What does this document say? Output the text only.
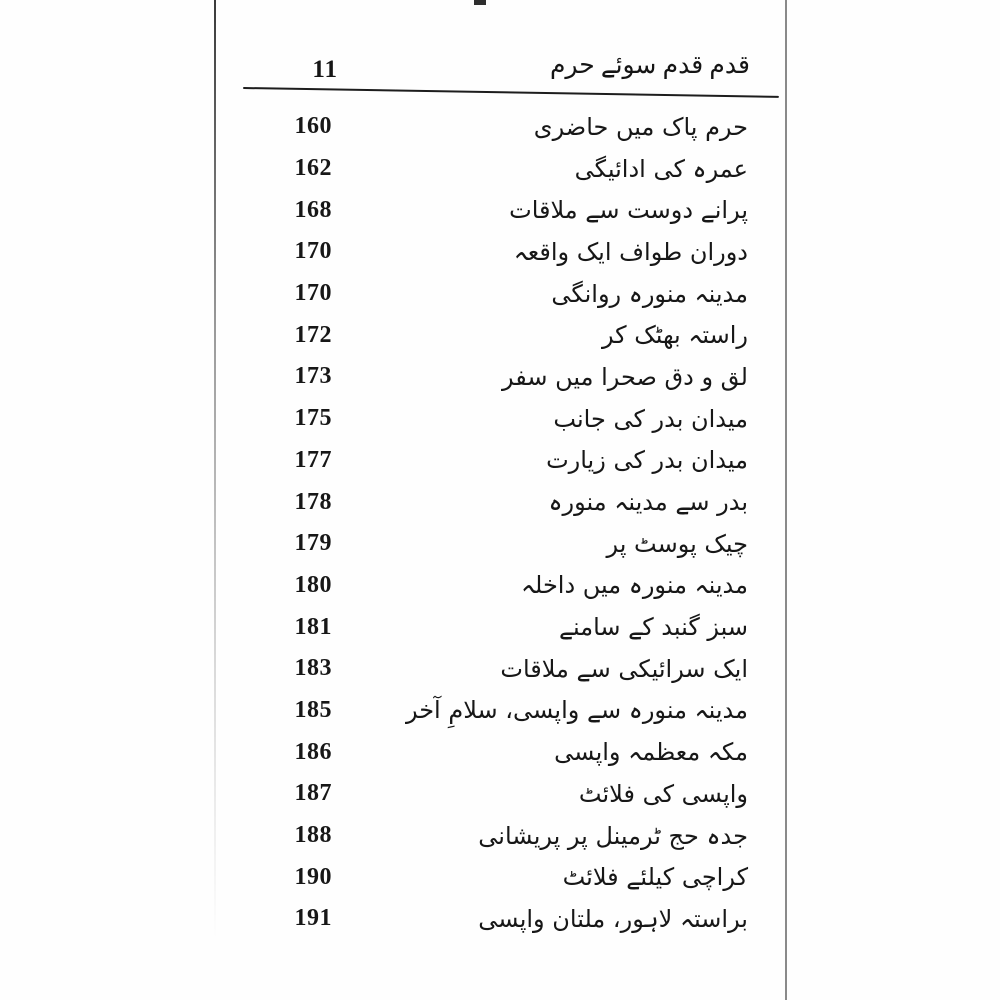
11	قدم قدم سوئے حرم
160	حرم پاک میں حاضری
162	عمرہ کی ادائیگی
168	پرانے دوست سے ملاقات
170	دوران طواف ایک واقعہ
170	مدینہ منورہ روانگی
172	راستہ بھٹک کر
173	لق و دق صحرا میں سفر
175	میدان بدر کی جانب
177	میدان بدر کی زیارت
178	بدر سے مدینہ منورہ
179	چیک پوسٹ پر
180	مدینہ منورہ میں داخلہ
181	سبز گنبد کے سامنے
183	ایک سرائیکی سے ملاقات
185	مدینہ منورہ سے واپسی، سلامِ آخر
186	مکہ معظمہ واپسی
187	واپسی کی فلائٹ
188	جدہ حج ٹرمینل پر پریشانی
190	کراچی کیلئے فلائٹ
191	براستہ لاہور، ملتان واپسی
